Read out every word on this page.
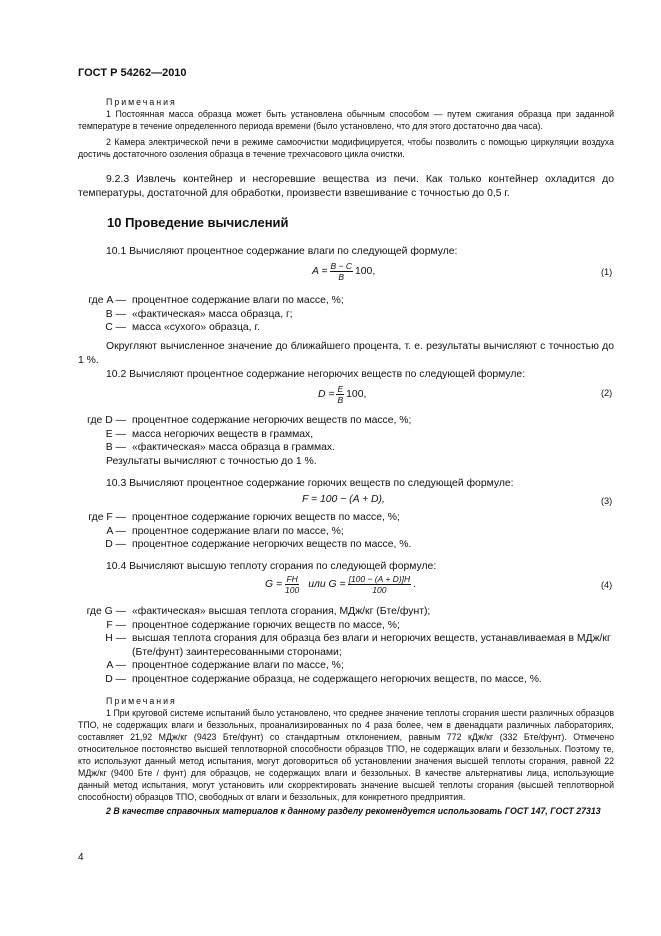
ГОСТ Р 54262—2010

Примечания

1 Постоянная масса образца может быть установлена обычным способом — путем сжигания образца при заданной температуре в течение определенного периода времени (было установлено, что для этого достаточно два часа).

2 Камера электрической печи в режиме самоочистки модифицируется, чтобы позволить с помощью циркуляции воздуха достичь достаточного озоления образца в течение трехчасового цикла очистки.

9.2.3 Извлечь контейнер и несгоревшие вещества из печи. Как только контейнер охладится до температуры, достаточной для обработки, произвести взвешивание с точностью до 0,5 г.

10 Проведение вычислений

10.1 Вычисляют процентное содержание влаги по следующей формуле:

$A = \frac{B - C}{B} 100$,	(1)
где A — процентное содержание влаги по массе, %;
B — «фактическая» масса образца, г;
C — масса «сухого» образца, г.

Округляют вычисленное значение до ближайшего процента, т. е. результаты вычисляют с точностью до 1 %.

10.2 Вычисляют процентное содержание негорючих веществ по следующей формуле:

$D = \frac{E}{B} 100$,	(2)
где D — процентное содержание негорючих веществ по массе, %;
E — масса негорючих веществ в граммах,
B — «фактическая» масса образца в граммах.
Результаты вычисляют с точностью до 1 %.

10.3 Вычисляют процентное содержание горючих веществ по следующей формуле:

F = 100 − (A + D),	(3)
где F — процентное содержание горючих веществ по массе, %;
A — процентное содержание влаги по массе, %;
D — процентное содержание негорючих веществ по массе, %.

10.4 Вычисляют высшую теплоту сгорания по следующей формуле:

$G = \frac{FH}{100}$ или $G = \frac{[100 - (A + D)]H}{100}$ .	(4)
где G — «фактическая» высшая теплота сгорания, МДж/кг (Бте/фунт);
F — процентное содержание горючих веществ по массе, %;
H — высшая теплота сгорания для образца без влаги и негорючих веществ, устанавливаемая в МДж/кг (Бте/фунт) заинтересованными сторонами;
A — процентное содержание влаги по массе, %;
D — процентное содержание образца, не содержащего негорючих веществ, по массе, %.

Примечания

1 При круговой системе испытаний было установлено, что среднее значение теплоты сгорания шести различных образцов ТПО, не содержащих влаги и беззольных, проанализированных по 4 раза более, чем в двенадцати различных лабораториях, составляет 21,92 МДж/кг (9423 Бте/фунт) со стандартным отклонением, равным 772 кДж/кг (332 Бте/фунт). Отмечено относительное постоянство высшей теплотворной способности образцов ТПО, не содержащих влаги и беззольных. Поэтому те, кто используют данный метод испытания, могут договориться об установлении значения высшей теплоты сгорания, равной 22 МДж/кг (9400 Бте / фунт) для образцов, не содержащих влаги и беззольных. В качестве альтернативы лица, использующие данный метод испытания, могут установить или скорректировать значение высшей теплоты сгорания (высшей теплотворной способности) образцов ТПО, свободных от влаги и беззольных, для конкретного предприятия.

2 В качестве справочных материалов к данному разделу рекомендуется использовать ГОСТ 147, ГОСТ 27313

4
